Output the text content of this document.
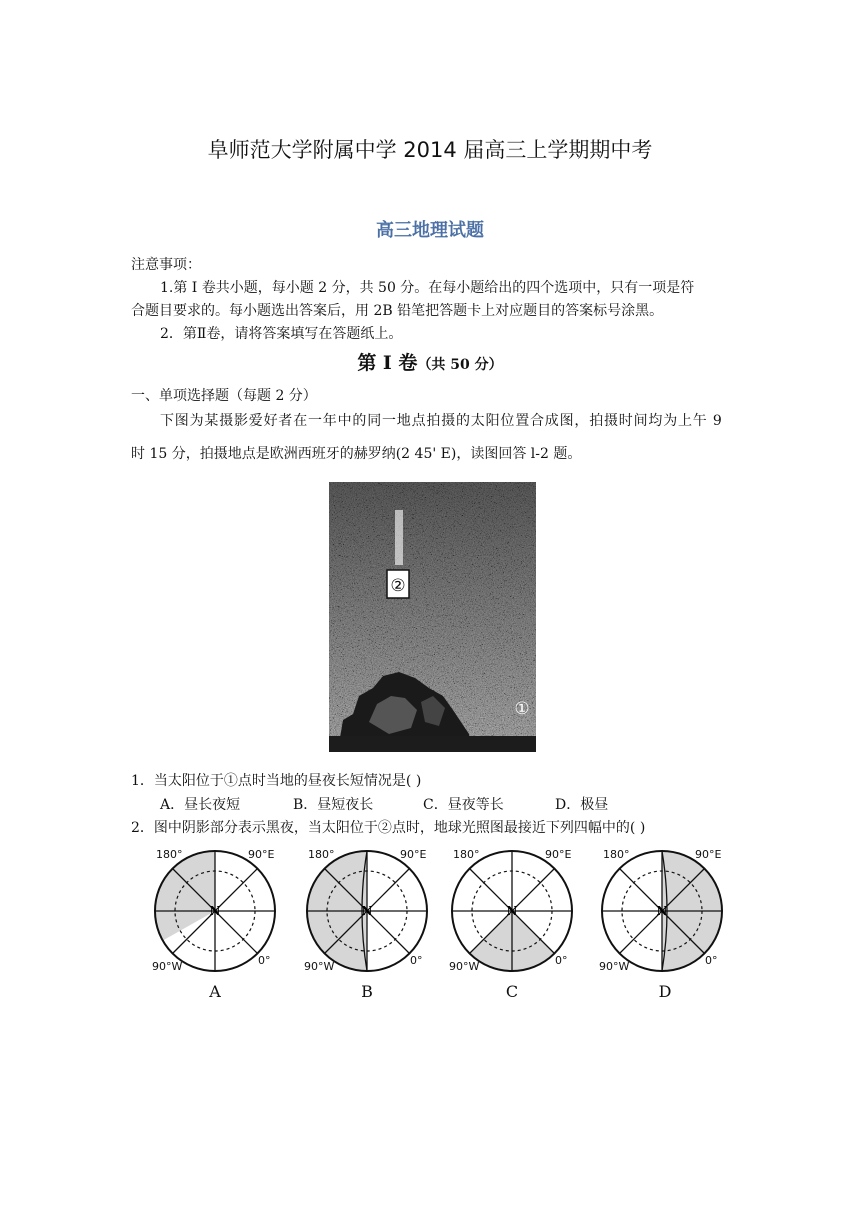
阜师范大学附属中学 2014 届高三上学期期中考
高三地理试题
注意事项：
1.第 I 卷共小题，每小题 2 分，共 50 分。在每小题给出的四个选项中，只有一项是符
合题目要求的。每小题选出答案后，用 2B 铅笔把答题卡上对应题目的答案标号涂黑。
2．第Ⅱ卷，请将答案填写在答题纸上。
第 I 卷（共 50 分）
一、单项选择题（每题 2 分）
下图为某摄影爱好者在一年中的同一地点拍摄的太阳位置合成图，拍摄时间均为上午 9
时 15 分，拍摄地点是欧洲西班牙的赫罗纳(2 45' E)，读图回答 l-2 题。
②
①
1．当太阳位于①点时当地的昼夜长短情况是( )
A．昼长夜短	B．昼短夜长	C．昼夜等长	D．极昼
2．图中阴影部分表示黑夜，当太阳位于②点时，地球光照图最接近下列四幅中的( )
N
180°	90°E
90°W	0°
A
N
180°	90°E
90°W	0°
B
N
180°	90°E
90°W	0°
C
N
180°	90°E
90°W	0°
D
